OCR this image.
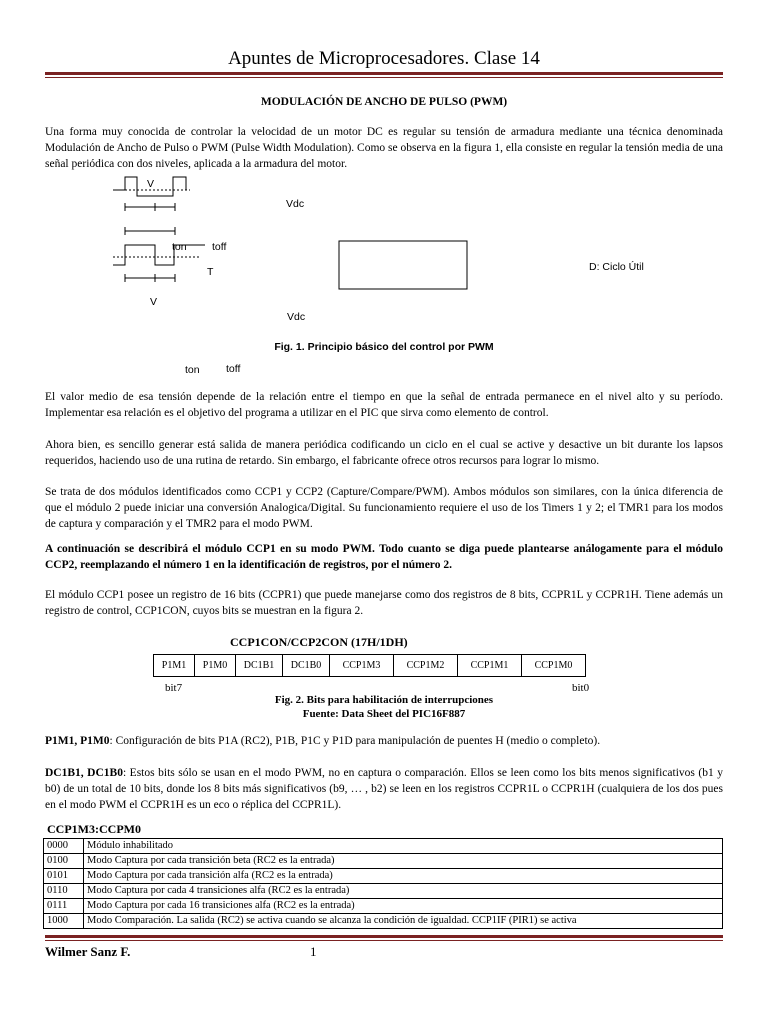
Apuntes de Microprocesadores. Clase 14
MODULACIÓN DE ANCHO DE PULSO (PWM)

Una forma muy conocida de controlar la velocidad de un motor DC es regular su tensión de armadura mediante una técnica denominada Modulación de Ancho de Pulso o PWM (Pulse Width Modulation). Como se observa en la figura 1, ella consiste en regular la tensión media de una señal periódica con dos niveles, aplicada a la armadura del motor.

V
Vdc
ton toff
T	D: Ciclo Útil
V
Vdc
Fig. 1. Principio básico del control por PWM
ton	toff

El valor medio de esa tensión depende de la relación entre el tiempo en que la señal de entrada permanece en el nivel alto y su período. Implementar esa relación es el objetivo del programa a utilizar en el PIC que sirva como elemento de control.

Ahora bien, es sencillo generar está salida de manera periódica codificando un ciclo en el cual se active y desactive un bit durante los lapsos requeridos, haciendo uso de una rutina de retardo. Sin embargo, el fabricante ofrece otros recursos para lograr lo mismo.

Se trata de dos módulos identificados como CCP1 y CCP2 (Capture/Compare/PWM). Ambos módulos son similares, con la única diferencia de que el módulo 2 puede iniciar una conversión Analogica/Digital. Su funcionamiento requiere el uso de los Timers 1 y 2; el TMR1 para los modos de captura y comparación y el TMR2 para el modo PWM.

A continuación se describirá el módulo CCP1 en su modo PWM. Todo cuanto se diga puede plantearse análogamente para el módulo CCP2, reemplazando el número 1 en la identificación de registros, por el número 2.

El módulo CCP1 posee un registro de 16 bits (CCPR1) que puede manejarse como dos registros de 8 bits, CCPR1L y CCPR1H. Tiene además un registro de control, CCP1CON, cuyos bits se muestran en la figura 2.

CCP1CON/CCP2CON (17H/1DH)
P1M1	P1M0	DC1B1	DC1B0	CCP1M3	CCP1M2	CCP1M1	CCP1M0
bit7	bit0
Fig. 2. Bits para habilitación de interrupciones
Fuente: Data Sheet del PIC16F887

P1M1, P1M0: Configuración de bits P1A (RC2), P1B, P1C y P1D para manipulación de puentes H (medio o completo).

DC1B1, DC1B0: Estos bits sólo se usan en el modo PWM, no en captura o comparación. Ellos se leen como los bits menos significativos (b1 y b0) de un total de 10 bits, donde los 8 bits más significativos (b9, … , b2) se leen en los registros CCPR1L o CCPR1H (cualquiera de los dos pues en el modo PWM el CCPR1H es un eco o réplica del CCPR1L).

CCP1M3:CCPM0
0000	Módulo inhabilitado
0100	Modo Captura por cada transición beta (RC2 es la entrada)
0101	Modo Captura por cada transición alfa (RC2 es la entrada)
0110	Modo Captura por cada 4 transiciones alfa (RC2 es la entrada)
0111	Modo Captura por cada 16 transiciones alfa (RC2 es la entrada)
1000	Modo Comparación. La salida (RC2) se activa cuando se alcanza la condición de igualdad. CCP1IF (PIR1) se activa
Wilmer Sanz F.	1
